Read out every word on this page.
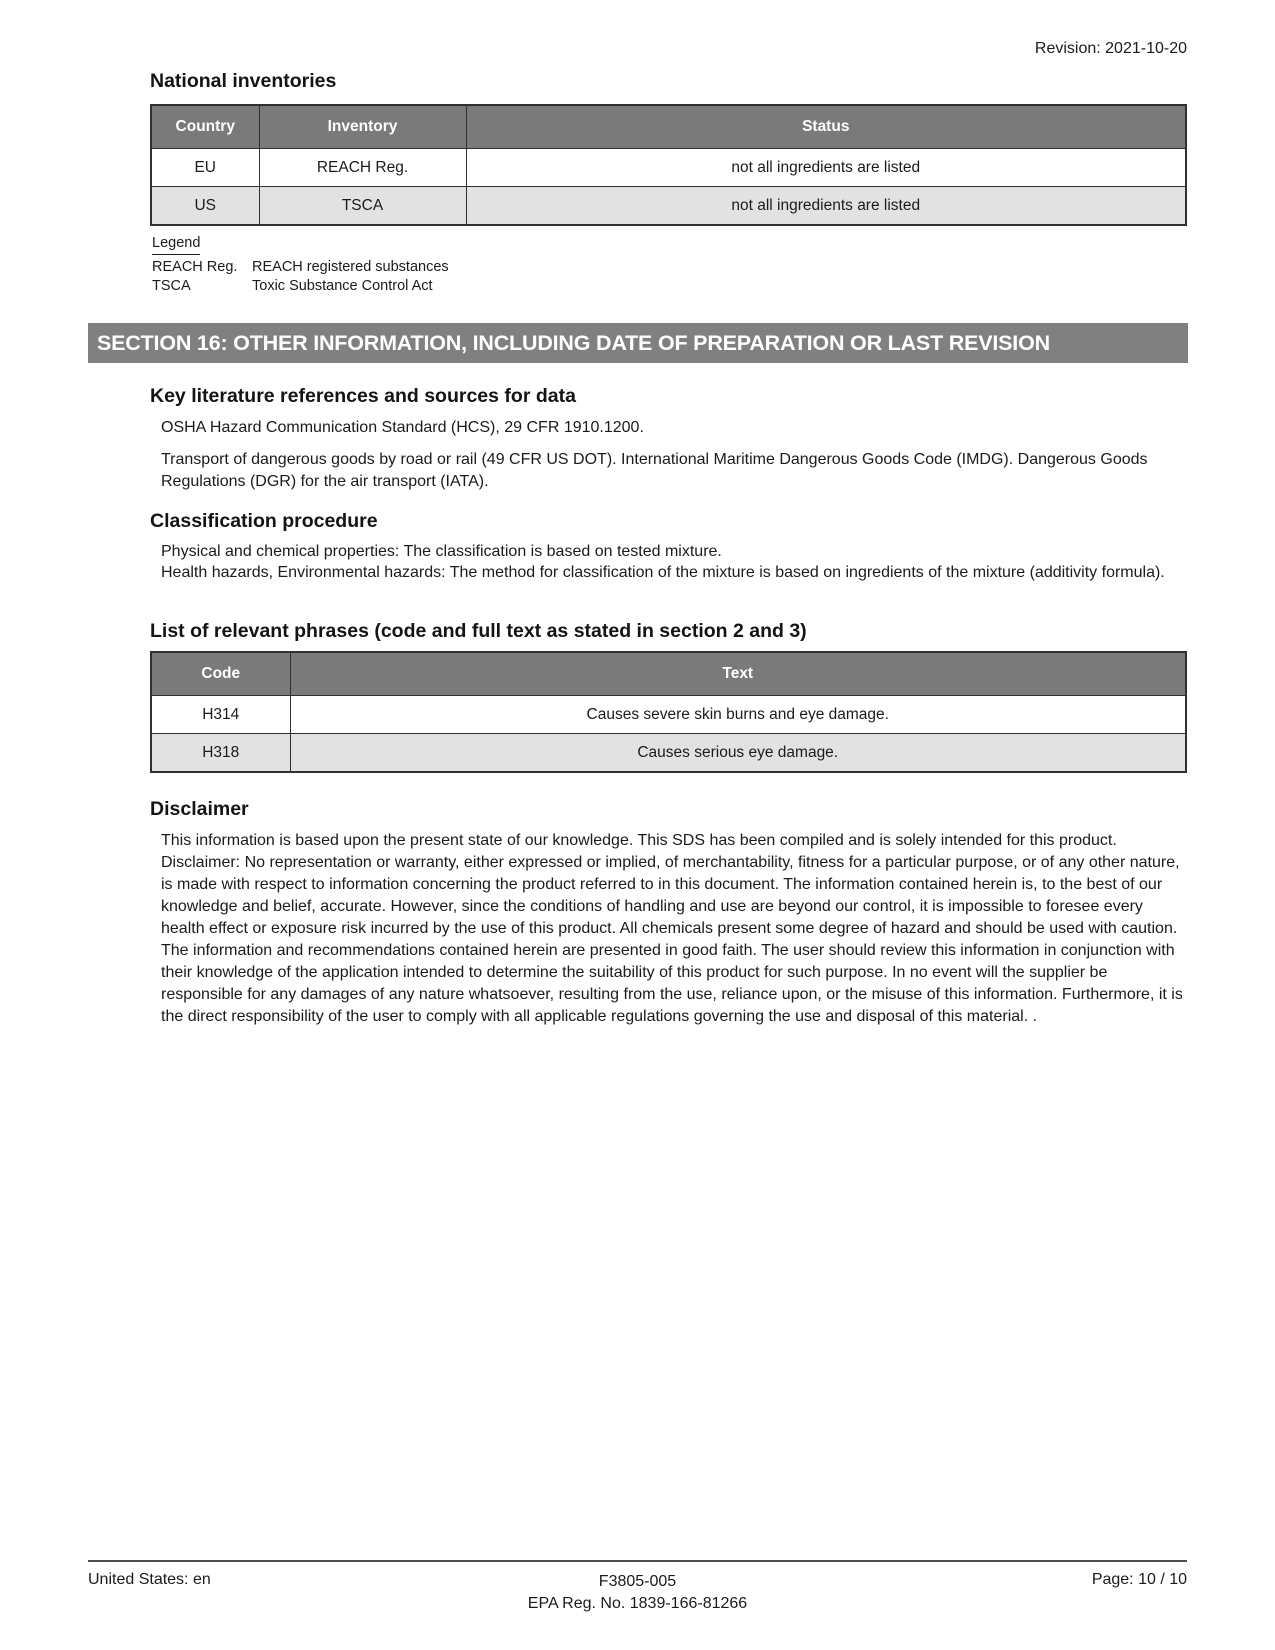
Revision: 2021-10-20
National inventories
Country	Inventory	Status
EU	REACH Reg.	not all ingredients are listed
US	TSCA	not all ingredients are listed
Legend
REACH Reg.	REACH registered substances
TSCA	Toxic Substance Control Act
SECTION 16: OTHER INFORMATION, INCLUDING DATE OF PREPARATION OR LAST REVISION
Key literature references and sources for data
OSHA Hazard Communication Standard (HCS), 29 CFR 1910.1200.
Transport of dangerous goods by road or rail (49 CFR US DOT). International Maritime Dangerous Goods Code (IMDG). Dangerous Goods Regulations (DGR) for the air transport (IATA).
Classification procedure
Physical and chemical properties: The classification is based on tested mixture.
Health hazards, Environmental hazards: The method for classification of the mixture is based on ingredients of the mixture (additivity formula).
List of relevant phrases (code and full text as stated in section 2 and 3)
Code	Text
H314	Causes severe skin burns and eye damage.
H318	Causes serious eye damage.
Disclaimer
This information is based upon the present state of our knowledge. This SDS has been compiled and is solely intended for this product. Disclaimer: No representation or warranty, either expressed or implied, of merchantability, fitness for a particular purpose, or of any other nature, is made with respect to information concerning the product referred to in this document. The information contained herein is, to the best of our knowledge and belief, accurate. However, since the conditions of handling and use are beyond our control, it is impossible to foresee every health effect or exposure risk incurred by the use of this product. All chemicals present some degree of hazard and should be used with caution. The information and recommendations contained herein are presented in good faith. The user should review this information in conjunction with their knowledge of the application intended to determine the suitability of this product for such purpose. In no event will the supplier be responsible for any damages of any nature whatsoever, resulting from the use, reliance upon, or the misuse of this information. Furthermore, it is the direct responsibility of the user to comply with all applicable regulations governing the use and disposal of this material. .
United States: en	F3805-005
EPA Reg. No. 1839-166-81266
Page: 10 / 10
